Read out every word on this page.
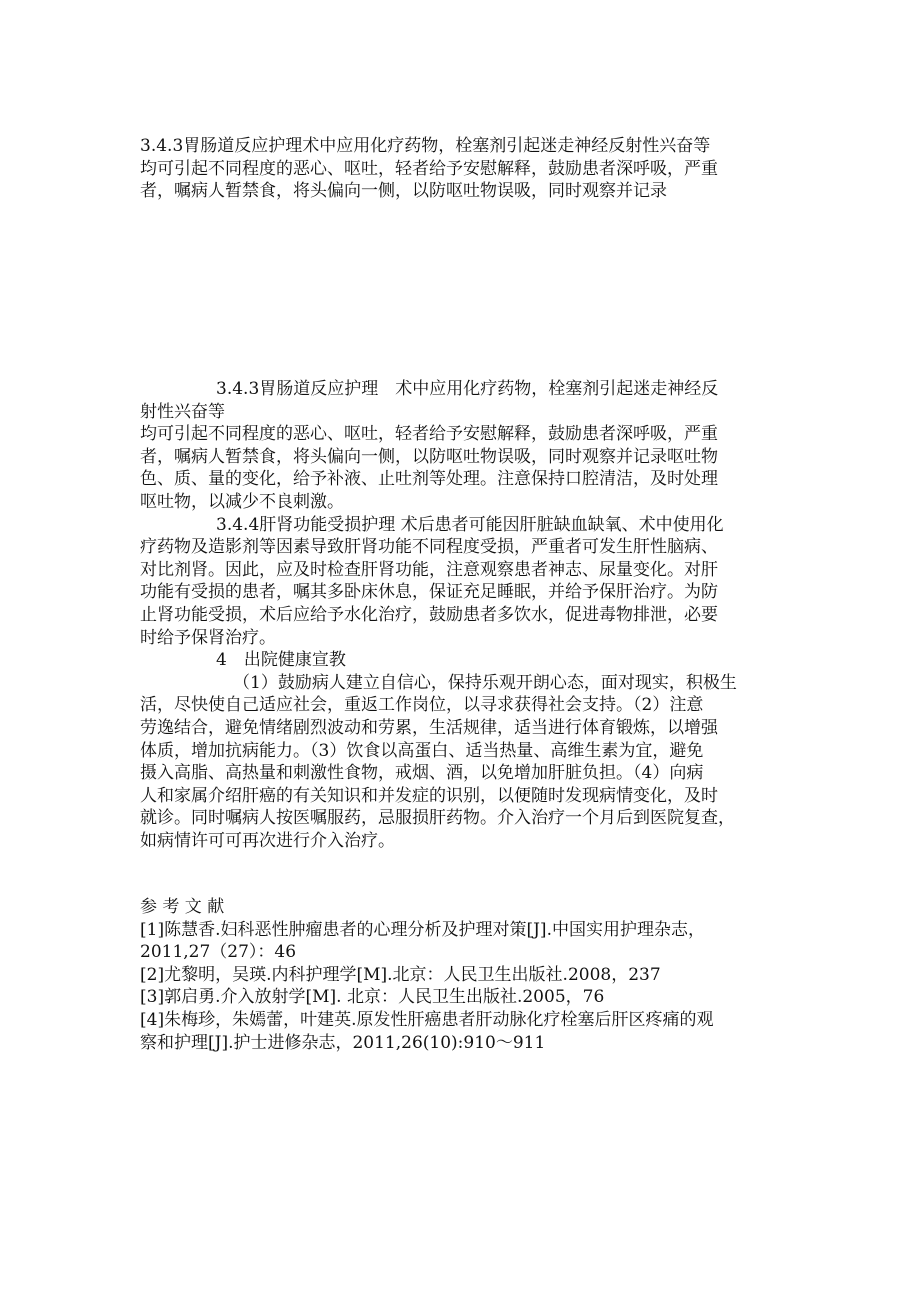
3.4.3胃肠道反应护理术中应用化疗药物，栓塞剂引起迷走神经反射性兴奋等
均可引起不同程度的恶心、呕吐，轻者给予安慰解释，鼓励患者深呼吸，严重
者，嘱病人暂禁食，将头偏向一侧，以防呕吐物误吸，同时观察并记录
3.4.3胃肠道反应护理　术中应用化疗药物，栓塞剂引起迷走神经反
射性兴奋等
均可引起不同程度的恶心、呕吐，轻者给予安慰解释，鼓励患者深呼吸，严重
者，嘱病人暂禁食，将头偏向一侧，以防呕吐物误吸，同时观察并记录呕吐物
色、质、量的变化，给予补液、止吐剂等处理。注意保持口腔清洁，及时处理
呕吐物，以减少不良刺激。
3.4.4肝肾功能受损护理 术后患者可能因肝脏缺血缺氧、术中使用化
疗药物及造影剂等因素导致肝肾功能不同程度受损，严重者可发生肝性脑病、
对比剂肾。因此，应及时检查肝肾功能，注意观察患者神志、尿量变化。对肝
功能有受损的患者，嘱其多卧床休息，保证充足睡眠，并给予保肝治疗。为防
止肾功能受损，术后应给予水化治疗，鼓励患者多饮水，促进毒物排泄，必要
时给予保肾治疗。
4　出院健康宣教
（1）鼓励病人建立自信心，保持乐观开朗心态，面对现实，积极生
活，尽快使自己适应社会，重返工作岗位，以寻求获得社会支持。（2）注意
劳逸结合，避免情绪剧烈波动和劳累，生活规律，适当进行体育锻炼，以增强
体质，增加抗病能力。（3）饮食以高蛋白、适当热量、高维生素为宜，避免
摄入高脂、高热量和刺激性食物，戒烟、酒，以免增加肝脏负担。（4）向病
人和家属介绍肝癌的有关知识和并发症的识别，以便随时发现病情变化，及时
就诊。同时嘱病人按医嘱服药，忌服损肝药物。介入治疗一个月后到医院复查，
如病情许可可再次进行介入治疗。
参 考 文 献
[1]陈慧香.妇科恶性肿瘤患者的心理分析及护理对策[J].中国实用护理杂志，
2011,27（27）：46
[2]尤黎明，吴瑛.内科护理学[M].北京：人民卫生出版社.2008，237
[3]郭启勇.介入放射学[M]. 北京：人民卫生出版社.2005，76
[4]朱梅珍，朱嫣蕾，叶建英.原发性肝癌患者肝动脉化疗栓塞后肝区疼痛的观
察和护理[J].护士进修杂志，2011,26(10):910～911
